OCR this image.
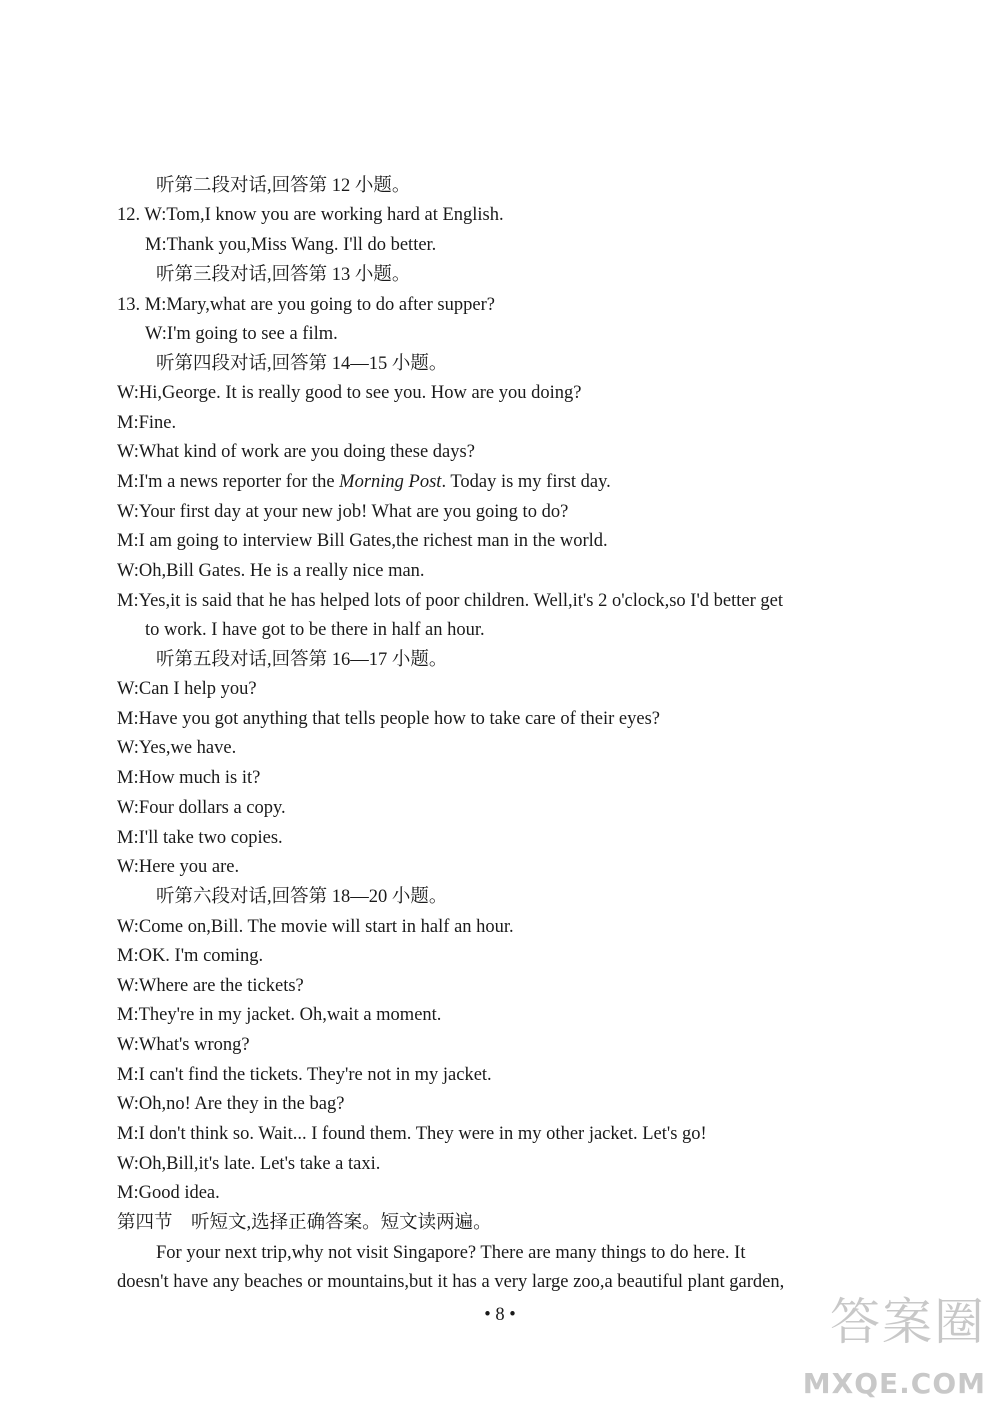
听第二段对话,回答第 12 小题。
12. W:Tom,I know you are working hard at English.
M:Thank you,Miss Wang. I'll do better.
听第三段对话,回答第 13 小题。
13. M:Mary,what are you going to do after supper?
W:I'm going to see a film.
听第四段对话,回答第 14—15 小题。
W:Hi,George. It is really good to see you. How are you doing?
M:Fine.
W:What kind of work are you doing these days?
M:I'm a news reporter for the Morning Post. Today is my first day.
W:Your first day at your new job! What are you going to do?
M:I am going to interview Bill Gates,the richest man in the world.
W:Oh,Bill Gates. He is a really nice man.
M:Yes,it is said that he has helped lots of poor children. Well,it's 2 o'clock,so I'd better get
to work. I have got to be there in half an hour.
听第五段对话,回答第 16—17 小题。
W:Can I help you?
M:Have you got anything that tells people how to take care of their eyes?
W:Yes,we have.
M:How much is it?
W:Four dollars a copy.
M:I'll take two copies.
W:Here you are.
听第六段对话,回答第 18—20 小题。
W:Come on,Bill. The movie will start in half an hour.
M:OK. I'm coming.
W:Where are the tickets?
M:They're in my jacket. Oh,wait a moment.
W:What's wrong?
M:I can't find the tickets. They're not in my jacket.
W:Oh,no! Are they in the bag?
M:I don't think so. Wait... I found them. They were in my other jacket. Let's go!
W:Oh,Bill,it's late. Let's take a taxi.
M:Good idea.
第四节　听短文,选择正确答案。短文读两遍。
For your next trip,why not visit Singapore? There are many things to do here. It
doesn't have any beaches or mountains,but it has a very large zoo,a beautiful plant garden,
• 8 •	答案圈
MXQE.COM
